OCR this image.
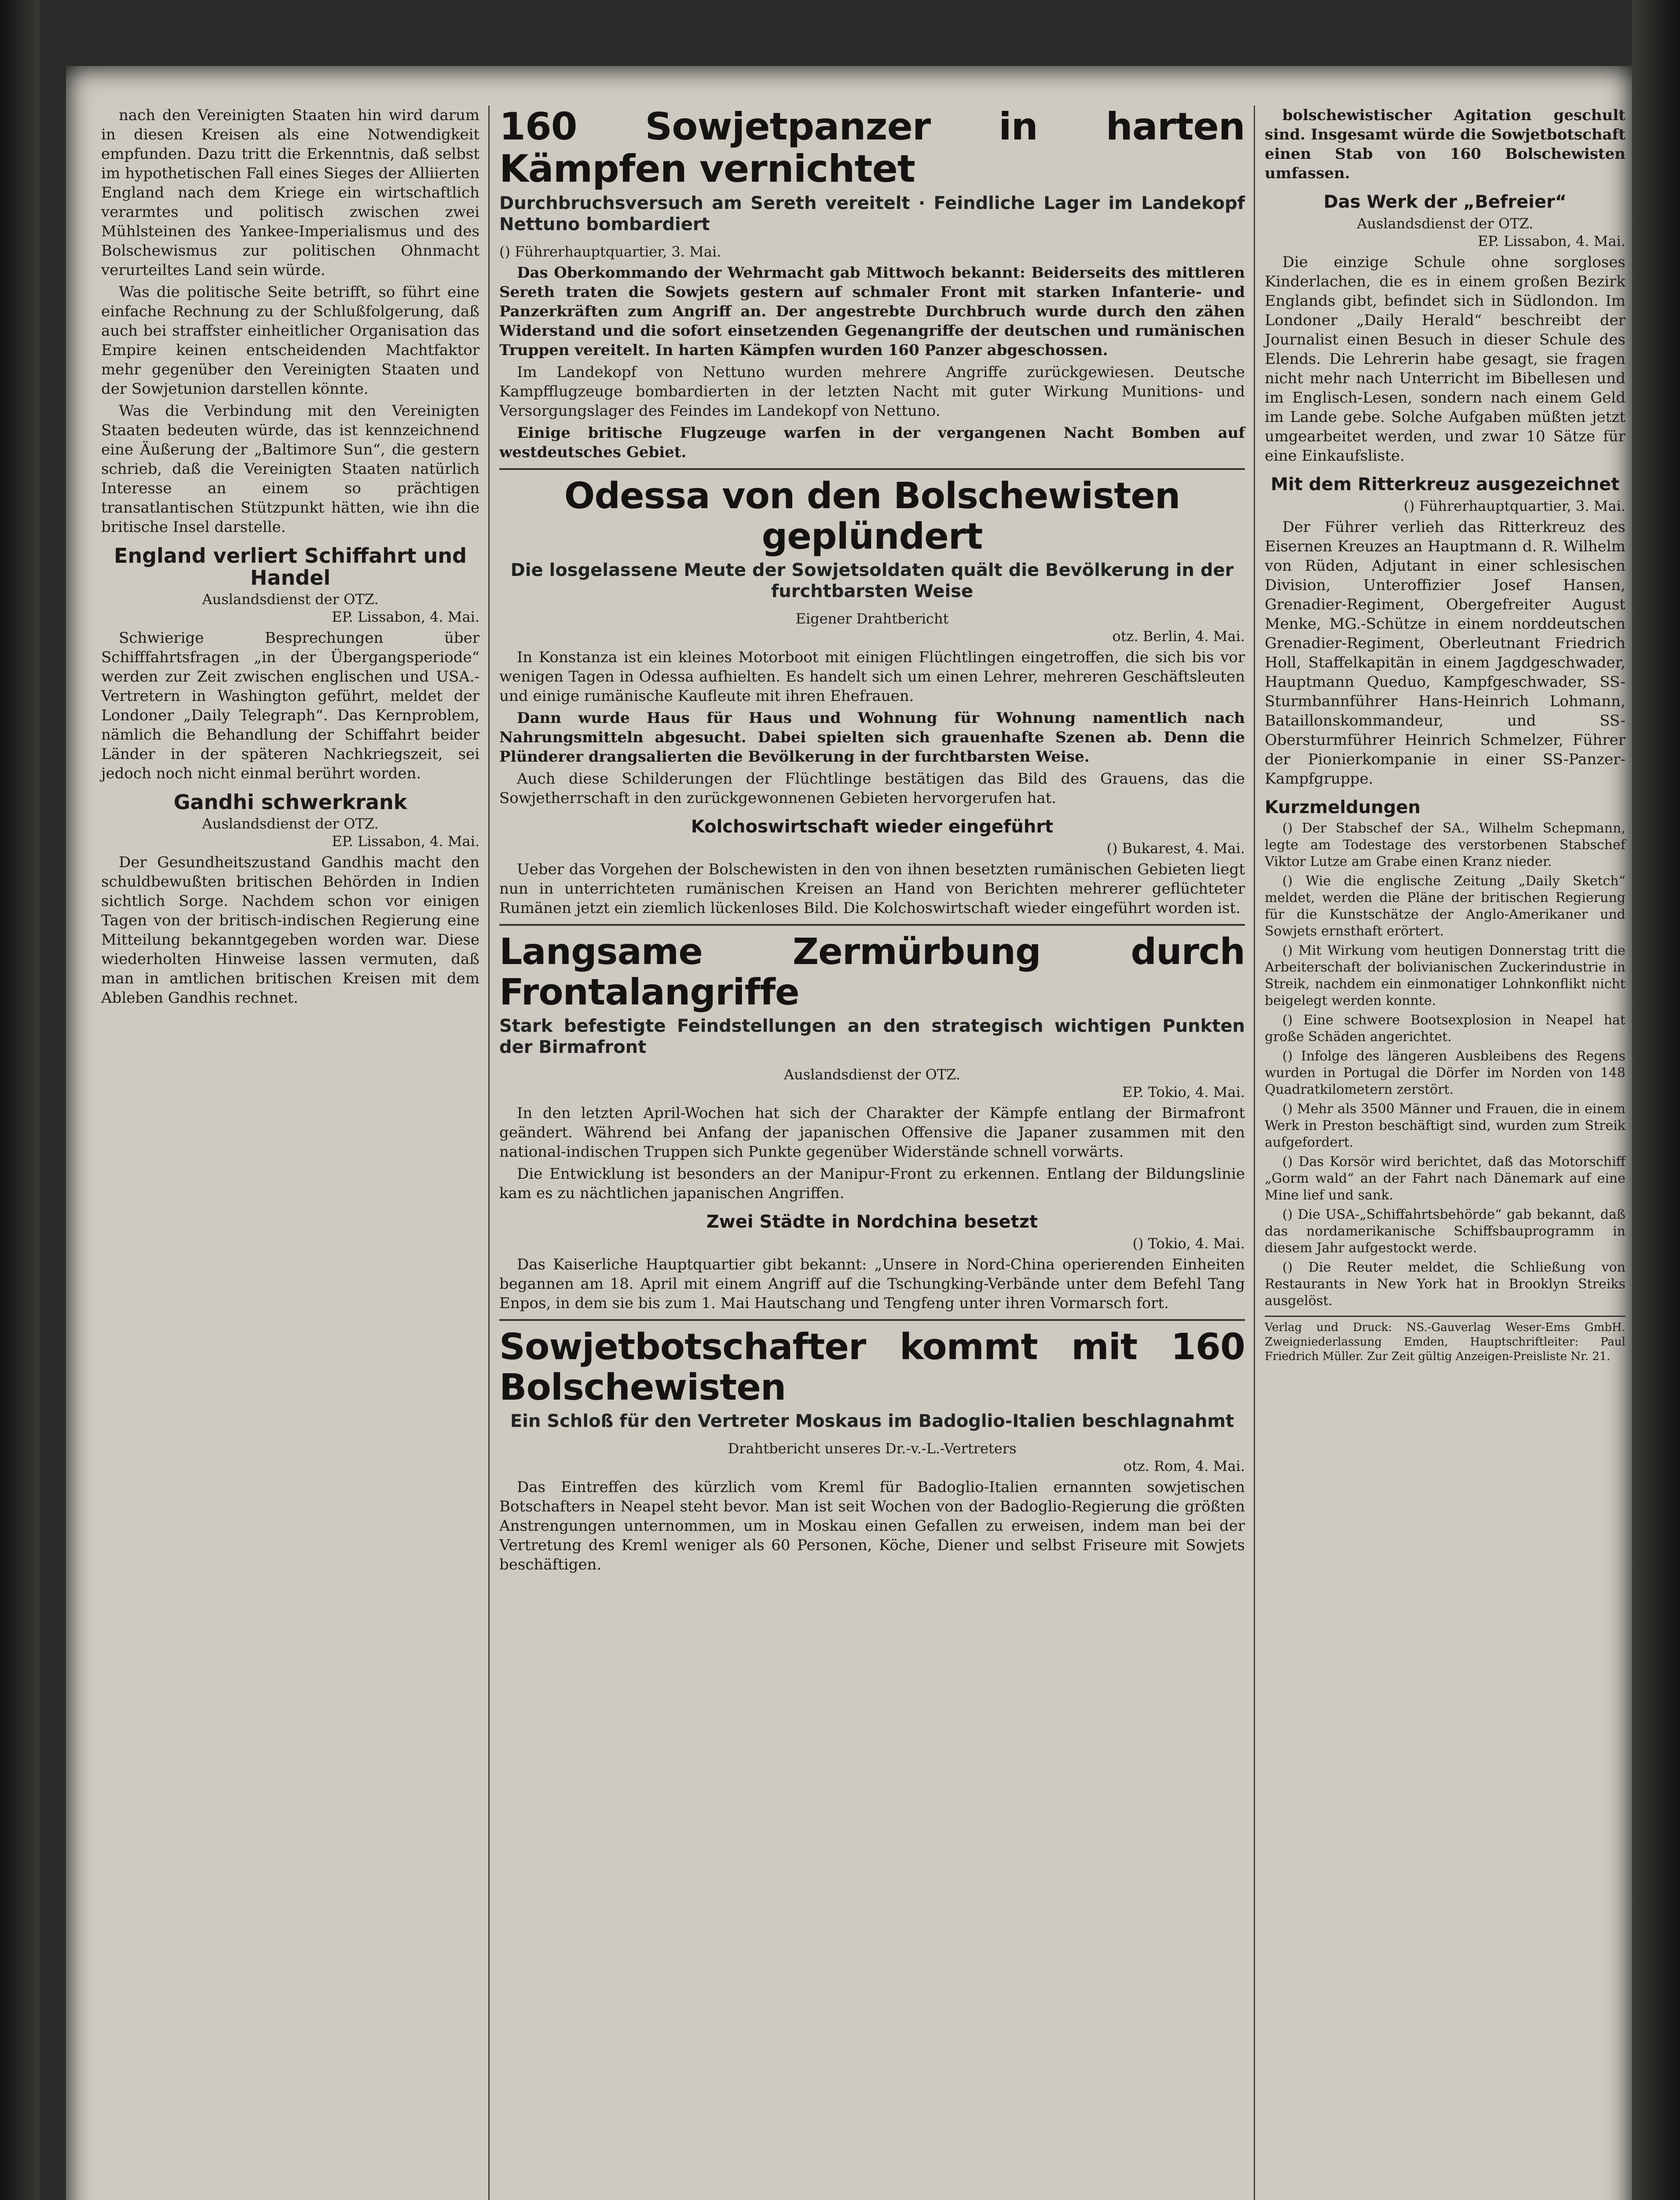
nach den Vereinigten Staaten hin wird darum in diesen Kreisen als eine Notwendigkeit empfunden. Dazu tritt die Erkenntnis, daß selbst im hypothetischen Fall eines Sieges der Alliierten England nach dem Kriege ein wirtschaftlich verarmtes und politisch zwischen zwei Mühlsteinen des Yankee-Imperialismus und des Bolschewismus zur politischen Ohnmacht verurteiltes Land sein würde.

Was die politische Seite betrifft, so führt eine einfache Rechnung zu der Schlußfolgerung, daß auch bei straffster einheitlicher Organisation das Empire keinen entscheidenden Machtfaktor mehr gegenüber den Vereinigten Staaten und der Sowjetunion darstellen könnte.

Was die Verbindung mit den Vereinigten Staaten bedeuten würde, das ist kennzeichnend eine Äußerung der „Baltimore Sun“, die gestern schrieb, daß die Vereinigten Staaten natürlich Interesse an einem so prächtigen transatlantischen Stützpunkt hätten, wie ihn die britische Insel darstelle.

England verliert Schiffahrt und Handel
Auslandsdienst der OTZ.
EP. Lissabon, 4. Mai.

Schwierige Besprechungen über Schifffahrtsfragen „in der Übergangsperiode“ werden zur Zeit zwischen englischen und USA.-Vertretern in Washington geführt, meldet der Londoner „Daily Telegraph“. Das Kernproblem, nämlich die Behandlung der Schiffahrt beider Länder in der späteren Nachkriegszeit, sei jedoch noch nicht einmal berührt worden.

Gandhi schwerkrank
Auslandsdienst der OTZ.
EP. Lissabon, 4. Mai.

Der Gesundheitszustand Gandhis macht den schuldbewußten britischen Behörden in Indien sichtlich Sorge. Nachdem schon vor einigen Tagen von der britisch-indischen Regierung eine Mitteilung bekanntgegeben worden war. Diese wiederholten Hinweise lassen vermuten, daß man in amtlichen britischen Kreisen mit dem Ableben Gandhis rechnet.

160 Sowjetpanzer in harten Kämpfen vernichtet
Durchbruchsversuch am Sereth vereitelt · Feindliche Lager im Landekopf Nettuno bombardiert
() Führerhauptquartier, 3. Mai.

Das Oberkommando der Wehrmacht gab Mittwoch bekannt: Beiderseits des mittleren Sereth traten die Sowjets gestern auf schmaler Front mit starken Infanterie- und Panzerkräften zum Angriff an. Der angestrebte Durchbruch wurde durch den zähen Widerstand und die sofort einsetzenden Gegenangriffe der deutschen und rumänischen Truppen vereitelt. In harten Kämpfen wurden 160 Panzer abgeschossen.

Im Landekopf von Nettuno wurden mehrere Angriffe zurückgewiesen. Deutsche Kampfflugzeuge bombardierten in der letzten Nacht mit guter Wirkung Munitions- und Versorgungslager des Feindes im Landekopf von Nettuno.

Einige britische Flugzeuge warfen in der vergangenen Nacht Bomben auf westdeutsches Gebiet.

Odessa von den Bolschewisten geplündert
Die losgelassene Meute der Sowjetsoldaten quält die Bevölkerung in der furchtbarsten Weise
Eigener Drahtbericht
otz. Berlin, 4. Mai.

In Konstanza ist ein kleines Motorboot mit einigen Flüchtlingen eingetroffen, die sich bis vor wenigen Tagen in Odessa aufhielten. Es handelt sich um einen Lehrer, mehreren Geschäftsleuten und einige rumänische Kaufleute mit ihren Ehefrauen.

Dann wurde Haus für Haus und Wohnung für Wohnung namentlich nach Nahrungsmitteln abgesucht. Dabei spielten sich grauenhafte Szenen ab. Denn die Plünderer drangsalierten die Bevölkerung in der furchtbarsten Weise.

Auch diese Schilderungen der Flüchtlinge bestätigen das Bild des Grauens, das die Sowjetherrschaft in den zurückgewonnenen Gebieten hervorgerufen hat.

Kolchoswirtschaft wieder eingeführt
() Bukarest, 4. Mai.

Ueber das Vorgehen der Bolschewisten in den von ihnen besetzten rumänischen Gebieten liegt nun in unterrichteten rumänischen Kreisen an Hand von Berichten mehrerer geflüchteter Rumänen jetzt ein ziemlich lückenloses Bild. Die Kolchoswirtschaft wieder eingeführt worden ist.

Langsame Zermürbung durch Frontalangriffe
Stark befestigte Feindstellungen an den strategisch wichtigen Punkten der Birmafront
Auslandsdienst der OTZ.
EP. Tokio, 4. Mai.

In den letzten April-Wochen hat sich der Charakter der Kämpfe entlang der Birmafront geändert. Während bei Anfang der japanischen Offensive die Japaner zusammen mit den national-indischen Truppen sich Punkte gegenüber Widerstände schnell vorwärts.

Die Entwicklung ist besonders an der Manipur-Front zu erkennen. Entlang der Bildungslinie kam es zu nächtlichen japanischen Angriffen.

Zwei Städte in Nordchina besetzt
() Tokio, 4. Mai.

Das Kaiserliche Hauptquartier gibt bekannt: „Unsere in Nord-China operierenden Einheiten begannen am 18. April mit einem Angriff auf die Tschungking-Verbände unter dem Befehl Tang Enpos, in dem sie bis zum 1. Mai Hautschang und Tengfeng unter ihren Vormarsch fort.

Sowjetbotschafter kommt mit 160 Bolschewisten
Ein Schloß für den Vertreter Moskaus im Badoglio-Italien beschlagnahmt
Drahtbericht unseres Dr.-v.-L.-Vertreters
otz. Rom, 4. Mai.

Das Eintreffen des kürzlich vom Kreml für Badoglio-Italien ernannten sowjetischen Botschafters in Neapel steht bevor. Man ist seit Wochen von der Badoglio-Regierung die größten Anstrengungen unternommen, um in Moskau einen Gefallen zu erweisen, indem man bei der Vertretung des Kreml weniger als 60 Personen, Köche, Diener und selbst Friseure mit Sowjets beschäftigen.

bolschewistischer Agitation geschult sind. Insgesamt würde die Sowjetbotschaft einen Stab von 160 Bolschewisten umfassen.

Das Werk der „Befreier“
Auslandsdienst der OTZ.
EP. Lissabon, 4. Mai.

Die einzige Schule ohne sorgloses Kinderlachen, die es in einem großen Bezirk Englands gibt, befindet sich in Südlondon. Im Londoner „Daily Herald“ beschreibt der Journalist einen Besuch in dieser Schule des Elends. Die Lehrerin habe gesagt, sie fragen nicht mehr nach Unterricht im Bibellesen und im Englisch-Lesen, sondern nach einem Geld im Lande gebe. Solche Aufgaben müßten jetzt umgearbeitet werden, und zwar 10 Sätze für eine Einkaufsliste.

Mit dem Ritterkreuz ausgezeichnet
() Führerhauptquartier, 3. Mai.

Der Führer verlieh das Ritterkreuz des Eisernen Kreuzes an Hauptmann d. R. Wilhelm von Rüden, Adjutant in einer schlesischen Division, Unteroffizier Josef Hansen, Grenadier-Regiment, Obergefreiter August Menke, MG.-Schütze in einem norddeutschen Grenadier-Regiment, Oberleutnant Friedrich Holl, Staffelkapitän in einem Jagdgeschwader, Hauptmann Queduo, Kampfgeschwader, SS-Sturmbannführer Hans-Heinrich Lohmann, Bataillonskommandeur, und SS-Obersturmführer Heinrich Schmelzer, Führer der Pionierkompanie in einer SS-Panzer-Kampfgruppe.

Kurzmeldungen

() Der Stabschef der SA., Wilhelm Schepmann, legte am Todestage des verstorbenen Stabschef Viktor Lutze am Grabe einen Kranz nieder.

() Wie die englische Zeitung „Daily Sketch“ meldet, werden die Pläne der britischen Regierung für die Kunstschätze der Anglo-Amerikaner und Sowjets ernsthaft erörtert.

() Mit Wirkung vom heutigen Donnerstag tritt die Arbeiterschaft der bolivianischen Zuckerindustrie in Streik, nachdem ein einmonatiger Lohnkonflikt nicht beigelegt werden konnte.

() Eine schwere Bootsexplosion in Neapel hat große Schäden angerichtet.

() Infolge des längeren Ausbleibens des Regens wurden in Portugal die Dörfer im Norden von 148 Quadratkilometern zerstört.

() Mehr als 3500 Männer und Frauen, die in einem Werk in Preston beschäftigt sind, wurden zum Streik aufgefordert.

() Das Korsör wird berichtet, daß das Motorschiff „Gorm wald“ an der Fahrt nach Dänemark auf eine Mine lief und sank.

() Die USA-„Schiffahrtsbehörde“ gab bekannt, daß das nordamerikanische Schiffsbauprogramm in diesem Jahr aufgestockt werde.

() Die Reuter meldet, die Schließung von Restaurants in New York hat in Brooklyn Streiks ausgelöst.

Verlag und Druck: NS.-Gauverlag Weser-Ems GmbH. Zweigniederlassung Emden, Hauptschriftleiter: Paul Friedrich Müller. Zur Zeit gültig Anzeigen-Preisliste Nr. 21.
